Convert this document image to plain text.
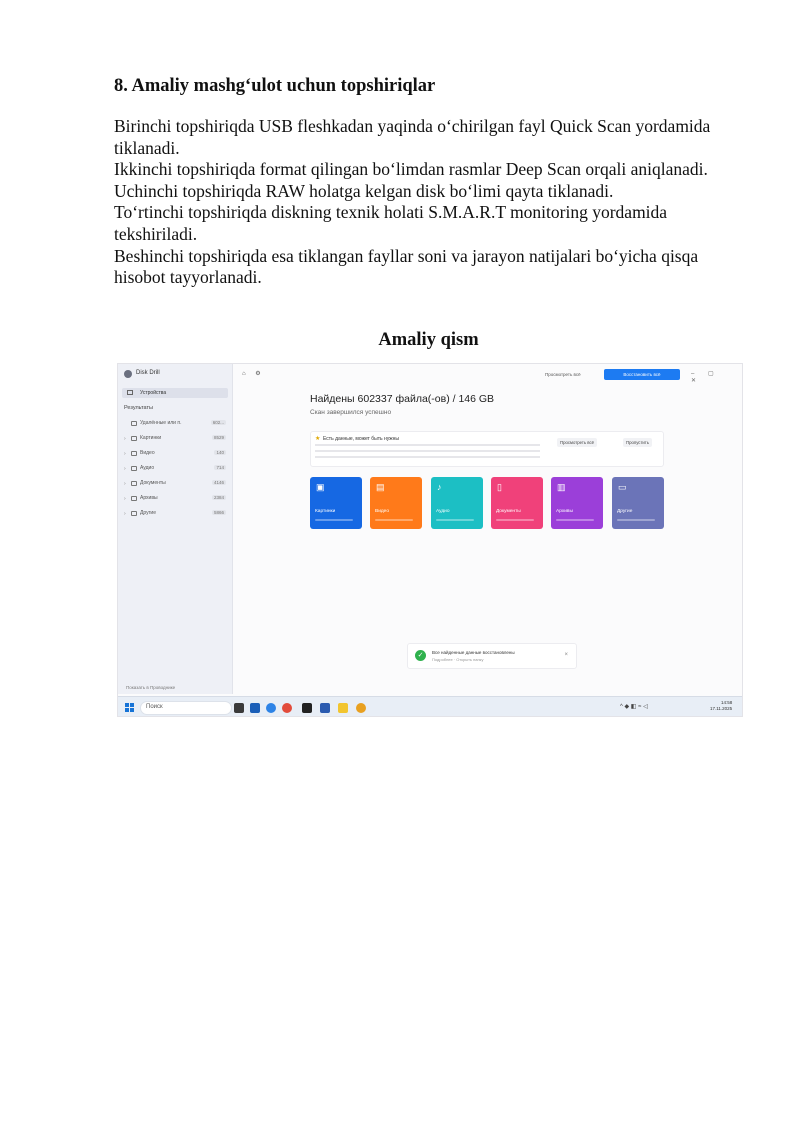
8. Amaliy mashg‘ulot uchun topshiriqlar

Birinchi topshiriqda USB fleshkadan yaqinda o‘chirilgan fayl Quick Scan yordamida tiklanadi.

Ikkinchi topshiriqda format qilingan bo‘limdan rasmlar Deep Scan orqali aniqlanadi.

Uchinchi topshiriqda RAW holatga kelgan disk bo‘limi qayta tiklanadi.

To‘rtinchi topshiriqda diskning texnik holati S.M.A.R.T monitoring yordamida tekshiriladi.

Beshinchi topshiriqda esa tiklangan fayllar soni va jarayon natijalari bo‘yicha qisqa hisobot tayyorlanadi.

Amaliy qism
Disk Drill
Устройства
Результаты
Удалённые или п.	602...
›	Картинки	8529
›	Видео	140
›	Аудио	714
›	Документы	4146
›	Архивы	2384
›	Другие	5866
Показать в Проводнике
⌂ ⚙	Просмотреть всё	Восстановить всё	– ▢ ✕
Найдены 602337 файла(-ов) / 146 GB
Скан завершился успешно
★ Есть данные, может быть нужны
Просмотреть всё	Пропустить
▣
Картинки
▤
Видео
♪
Аудио
▯
Документы
▥
Архивы
▭
Другие
✓	Все найденные данные восстановлены
Подробнее · Открыть папку
×
Поиск	^ ◆ ◧ ≈ ◁
14:58
17.11.2025
